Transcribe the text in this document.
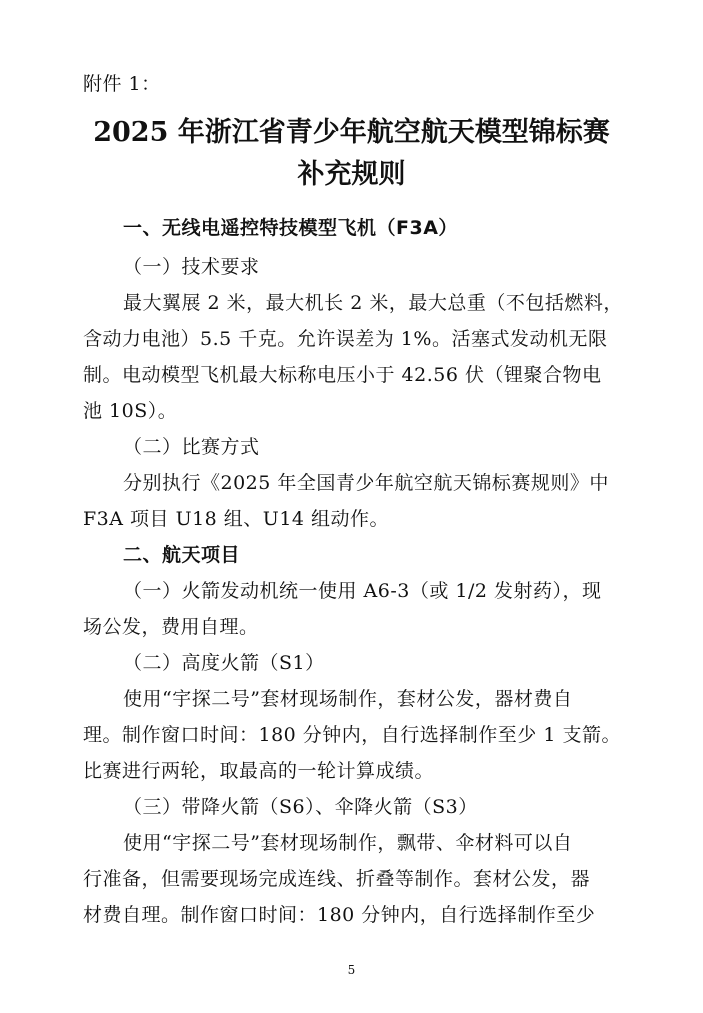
附件 1：
2025 年浙江省青少年航空航天模型锦标赛
补充规则
一、无线电遥控特技模型飞机（F3A）
（一）技术要求
最大翼展 2 米，最大机长 2 米，最大总重（不包括燃料，
含动力电池）5.5 千克。允许误差为 1%。活塞式发动机无限
制。电动模型飞机最大标称电压小于 42.56 伏（锂聚合物电
池 10S）。
（二）比赛方式
分别执行《2025 年全国青少年航空航天锦标赛规则》中
F3A 项目 U18 组、U14 组动作。
二、航天项目
（一）火箭发动机统一使用 A6-3（或 1/2 发射药），现
场公发，费用自理。
（二）高度火箭（S1）
使用“宇探二号”套材现场制作，套材公发，器材费自
理。制作窗口时间：180 分钟内，自行选择制作至少 1 支箭。
比赛进行两轮，取最高的一轮计算成绩。
（三）带降火箭（S6）、伞降火箭（S3）
使用“宇探二号”套材现场制作，飘带、伞材料可以自
行准备，但需要现场完成连线、折叠等制作。套材公发，器
材费自理。制作窗口时间：180 分钟内，自行选择制作至少
5
